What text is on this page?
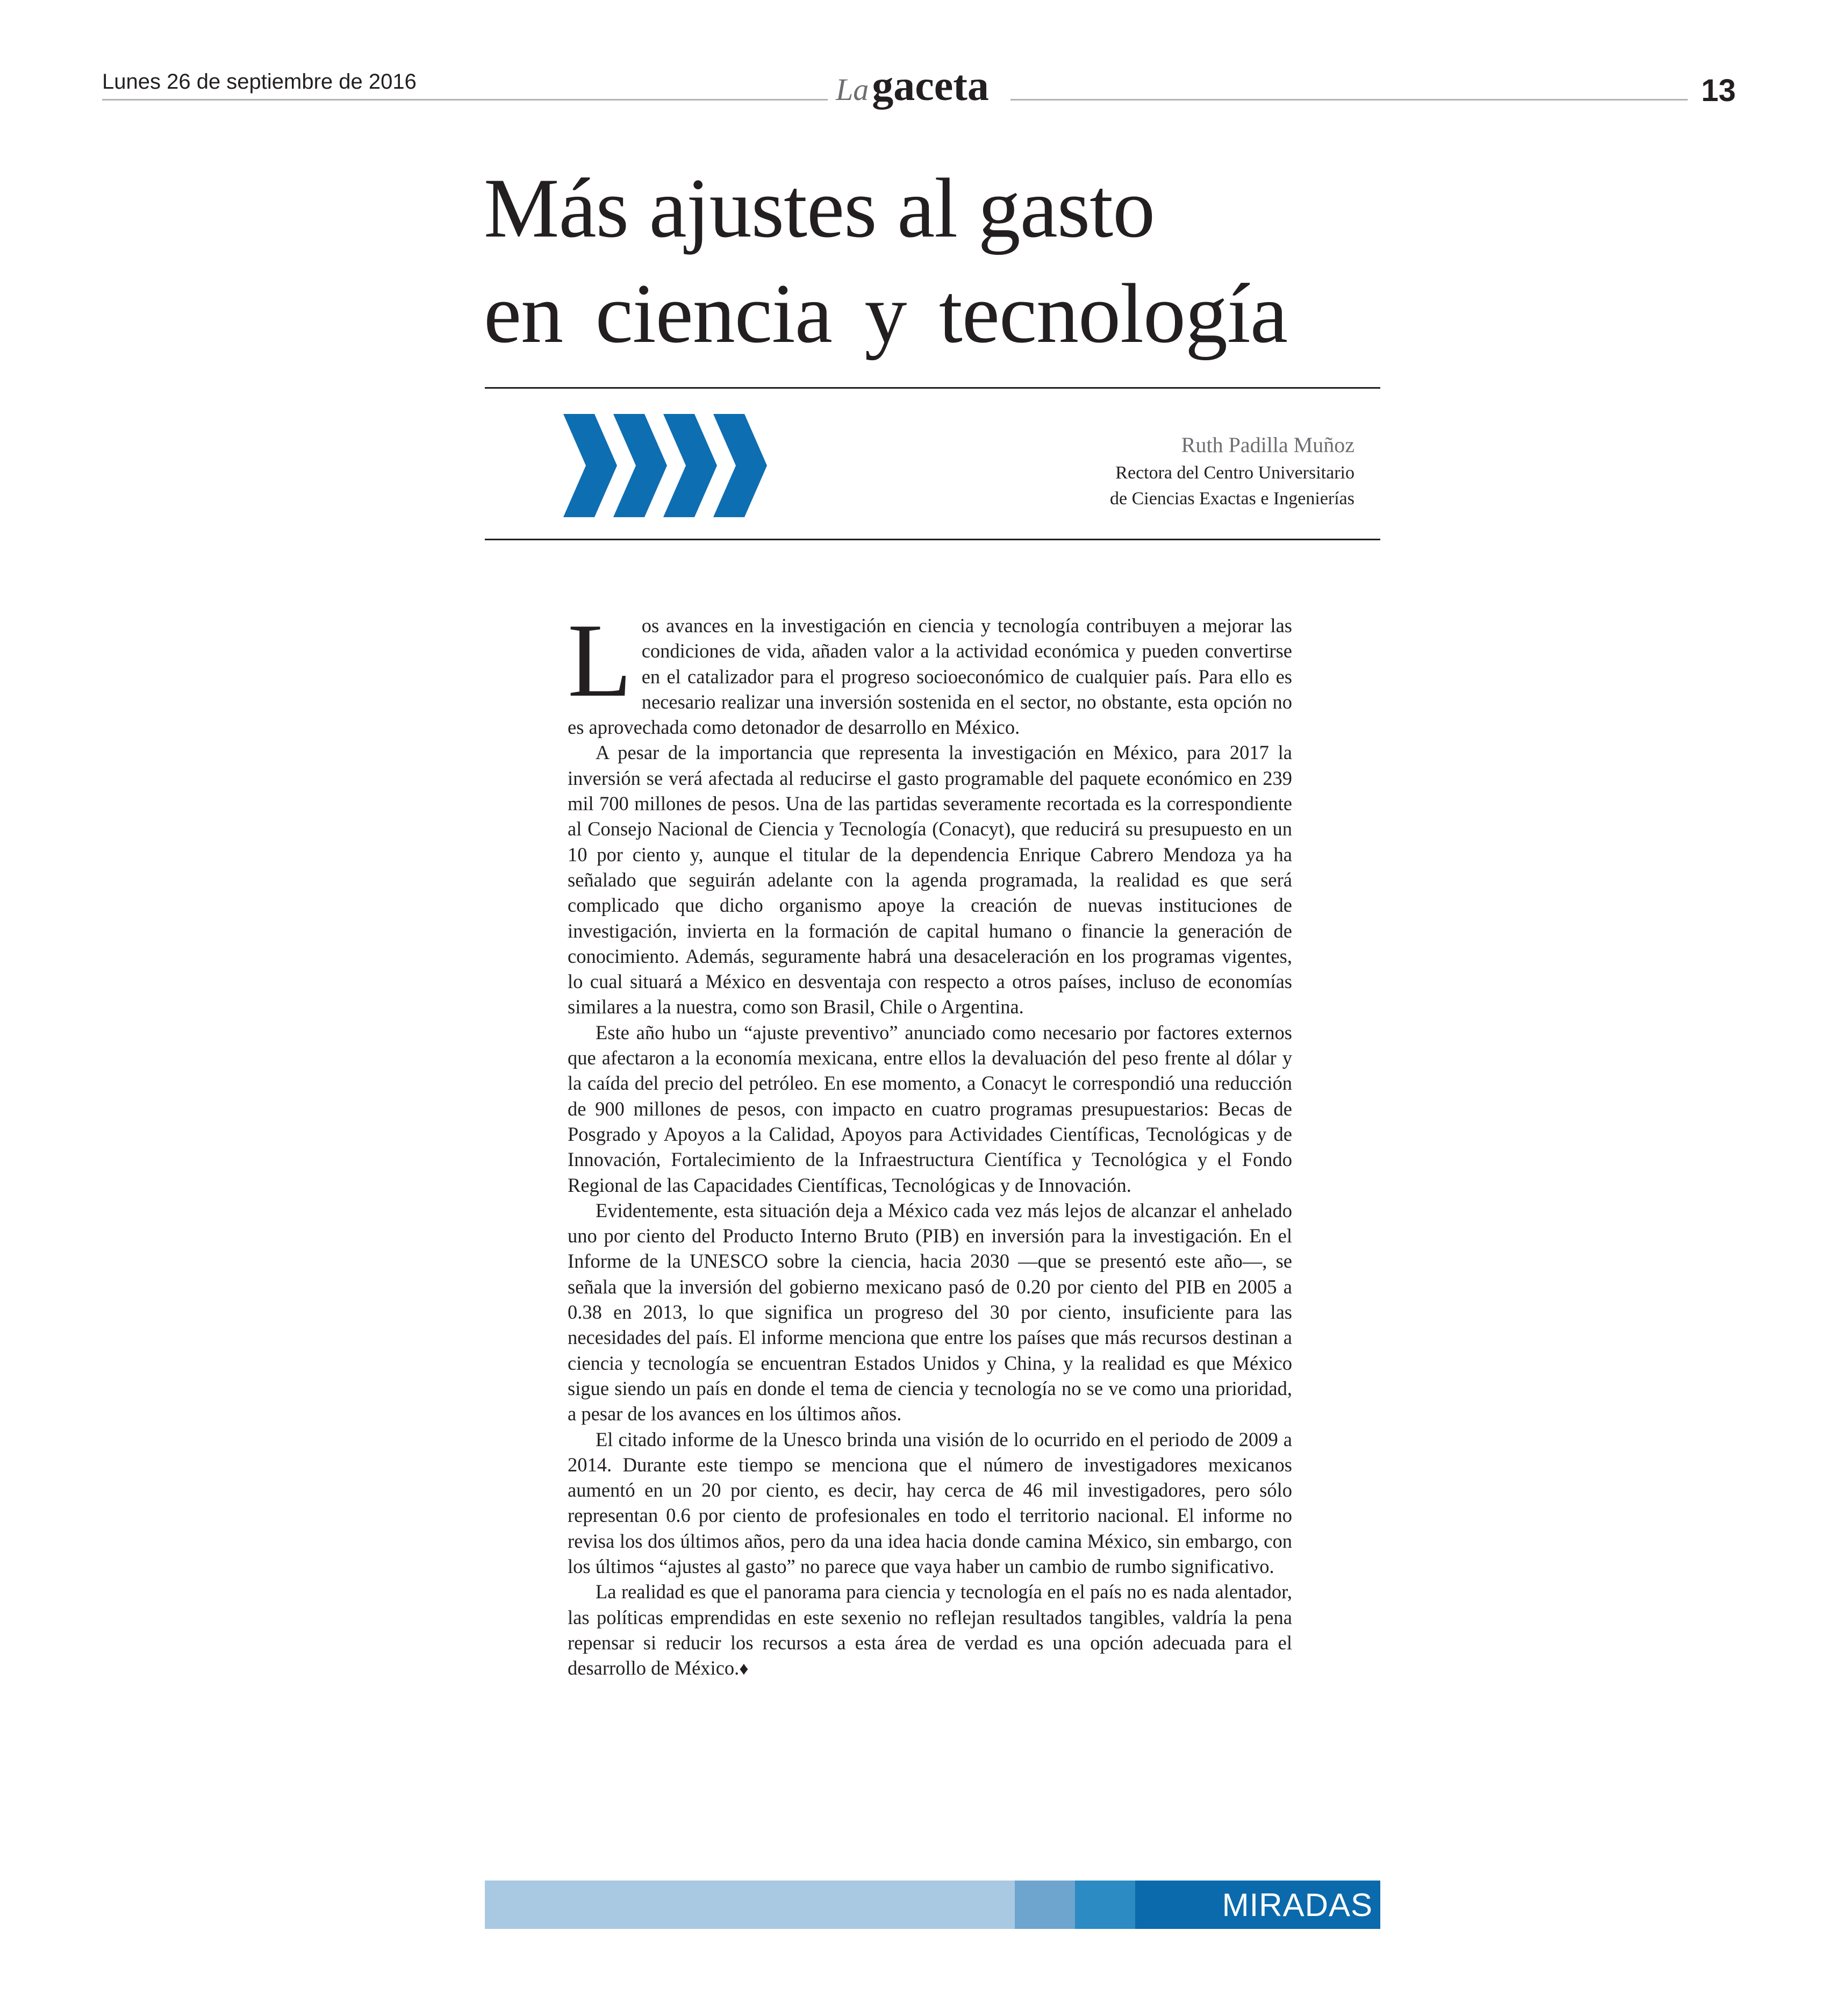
Lunes 26 de septiembre de 2016	Lagaceta	13
Más ajustes al gasto
en ciencia y tecnología
Ruth Padilla Muñoz
Rectora del Centro Universitario
de Ciencias Exactas e Ingenierías

Los avances en la investigación en ciencia y tecnología contribuyen a mejorar las condiciones de vida, añaden valor a la actividad económica y pueden convertirse en el catalizador para el progreso socioeconómico de cualquier país. Para ello es necesario realizar una inversión sostenida en el sector, no obstante, esta opción no es aprovechada como detonador de desarrollo en México.

A pesar de la importancia que representa la investigación en México, para 2017 la inversión se verá afectada al reducirse el gasto programable del paquete económico en 239 mil 700 millones de pesos. Una de las partidas severamente recortada es la correspondiente al Consejo Nacional de Ciencia y Tecnología (Conacyt), que reducirá su presupuesto en un 10 por ciento y, aunque el titular de la dependencia Enrique Cabrero Mendoza ya ha señalado que seguirán adelante con la agenda programada, la realidad es que será complicado que dicho organismo apoye la creación de nuevas instituciones de investigación, invierta en la formación de capital humano o financie la generación de conocimiento. Además, seguramente habrá una desaceleración en los programas vigentes, lo cual situará a México en desventaja con respecto a otros países, incluso de economías similares a la nuestra, como son Brasil, Chile o Argentina.

Este año hubo un “ajuste preventivo” anunciado como necesario por factores externos que afectaron a la economía mexicana, entre ellos la devaluación del peso frente al dólar y la caída del precio del petróleo. En ese momento, a Conacyt le correspondió una reducción de 900 millones de pesos, con impacto en cuatro programas presupuestarios: Becas de Posgrado y Apoyos a la Calidad, Apoyos para Actividades Científicas, Tecnológicas y de Innovación, Fortalecimiento de la Infraestructura Científica y Tecnológica y el Fondo Regional de las Capacidades Científicas, Tecnológicas y de Innovación.

Evidentemente, esta situación deja a México cada vez más lejos de alcanzar el anhelado uno por ciento del Producto Interno Bruto (PIB) en inversión para la investigación. En el Informe de la UNESCO sobre la ciencia, hacia 2030 —que se presentó este año—, se señala que la inversión del gobierno mexicano pasó de 0.20 por ciento del PIB en 2005 a 0.38 en 2013, lo que significa un progreso del 30 por ciento, insuficiente para las necesidades del país. El informe menciona que entre los países que más recursos destinan a ciencia y tecnología se encuentran Estados Unidos y China, y la realidad es que México sigue siendo un país en donde el tema de ciencia y tecnología no se ve como una prioridad, a pesar de los avances en los últimos años.

El citado informe de la Unesco brinda una visión de lo ocurrido en el periodo de 2009 a 2014. Durante este tiempo se menciona que el número de investigadores mexicanos aumentó en un 20 por ciento, es decir, hay cerca de 46 mil investigadores, pero sólo representan 0.6 por ciento de profesionales en todo el territorio nacional. El informe no revisa los dos últimos años, pero da una idea hacia donde camina México, sin embargo, con los últimos “ajustes al gasto” no parece que vaya haber un cambio de rumbo significativo.

La realidad es que el panorama para ciencia y tecnología en el país no es nada alentador, las políticas emprendidas en este sexenio no reflejan resultados tangibles, valdría la pena repensar si reducir los recursos a esta área de verdad es una opción adecuada para el desarrollo de México.♦

MIRADAS
